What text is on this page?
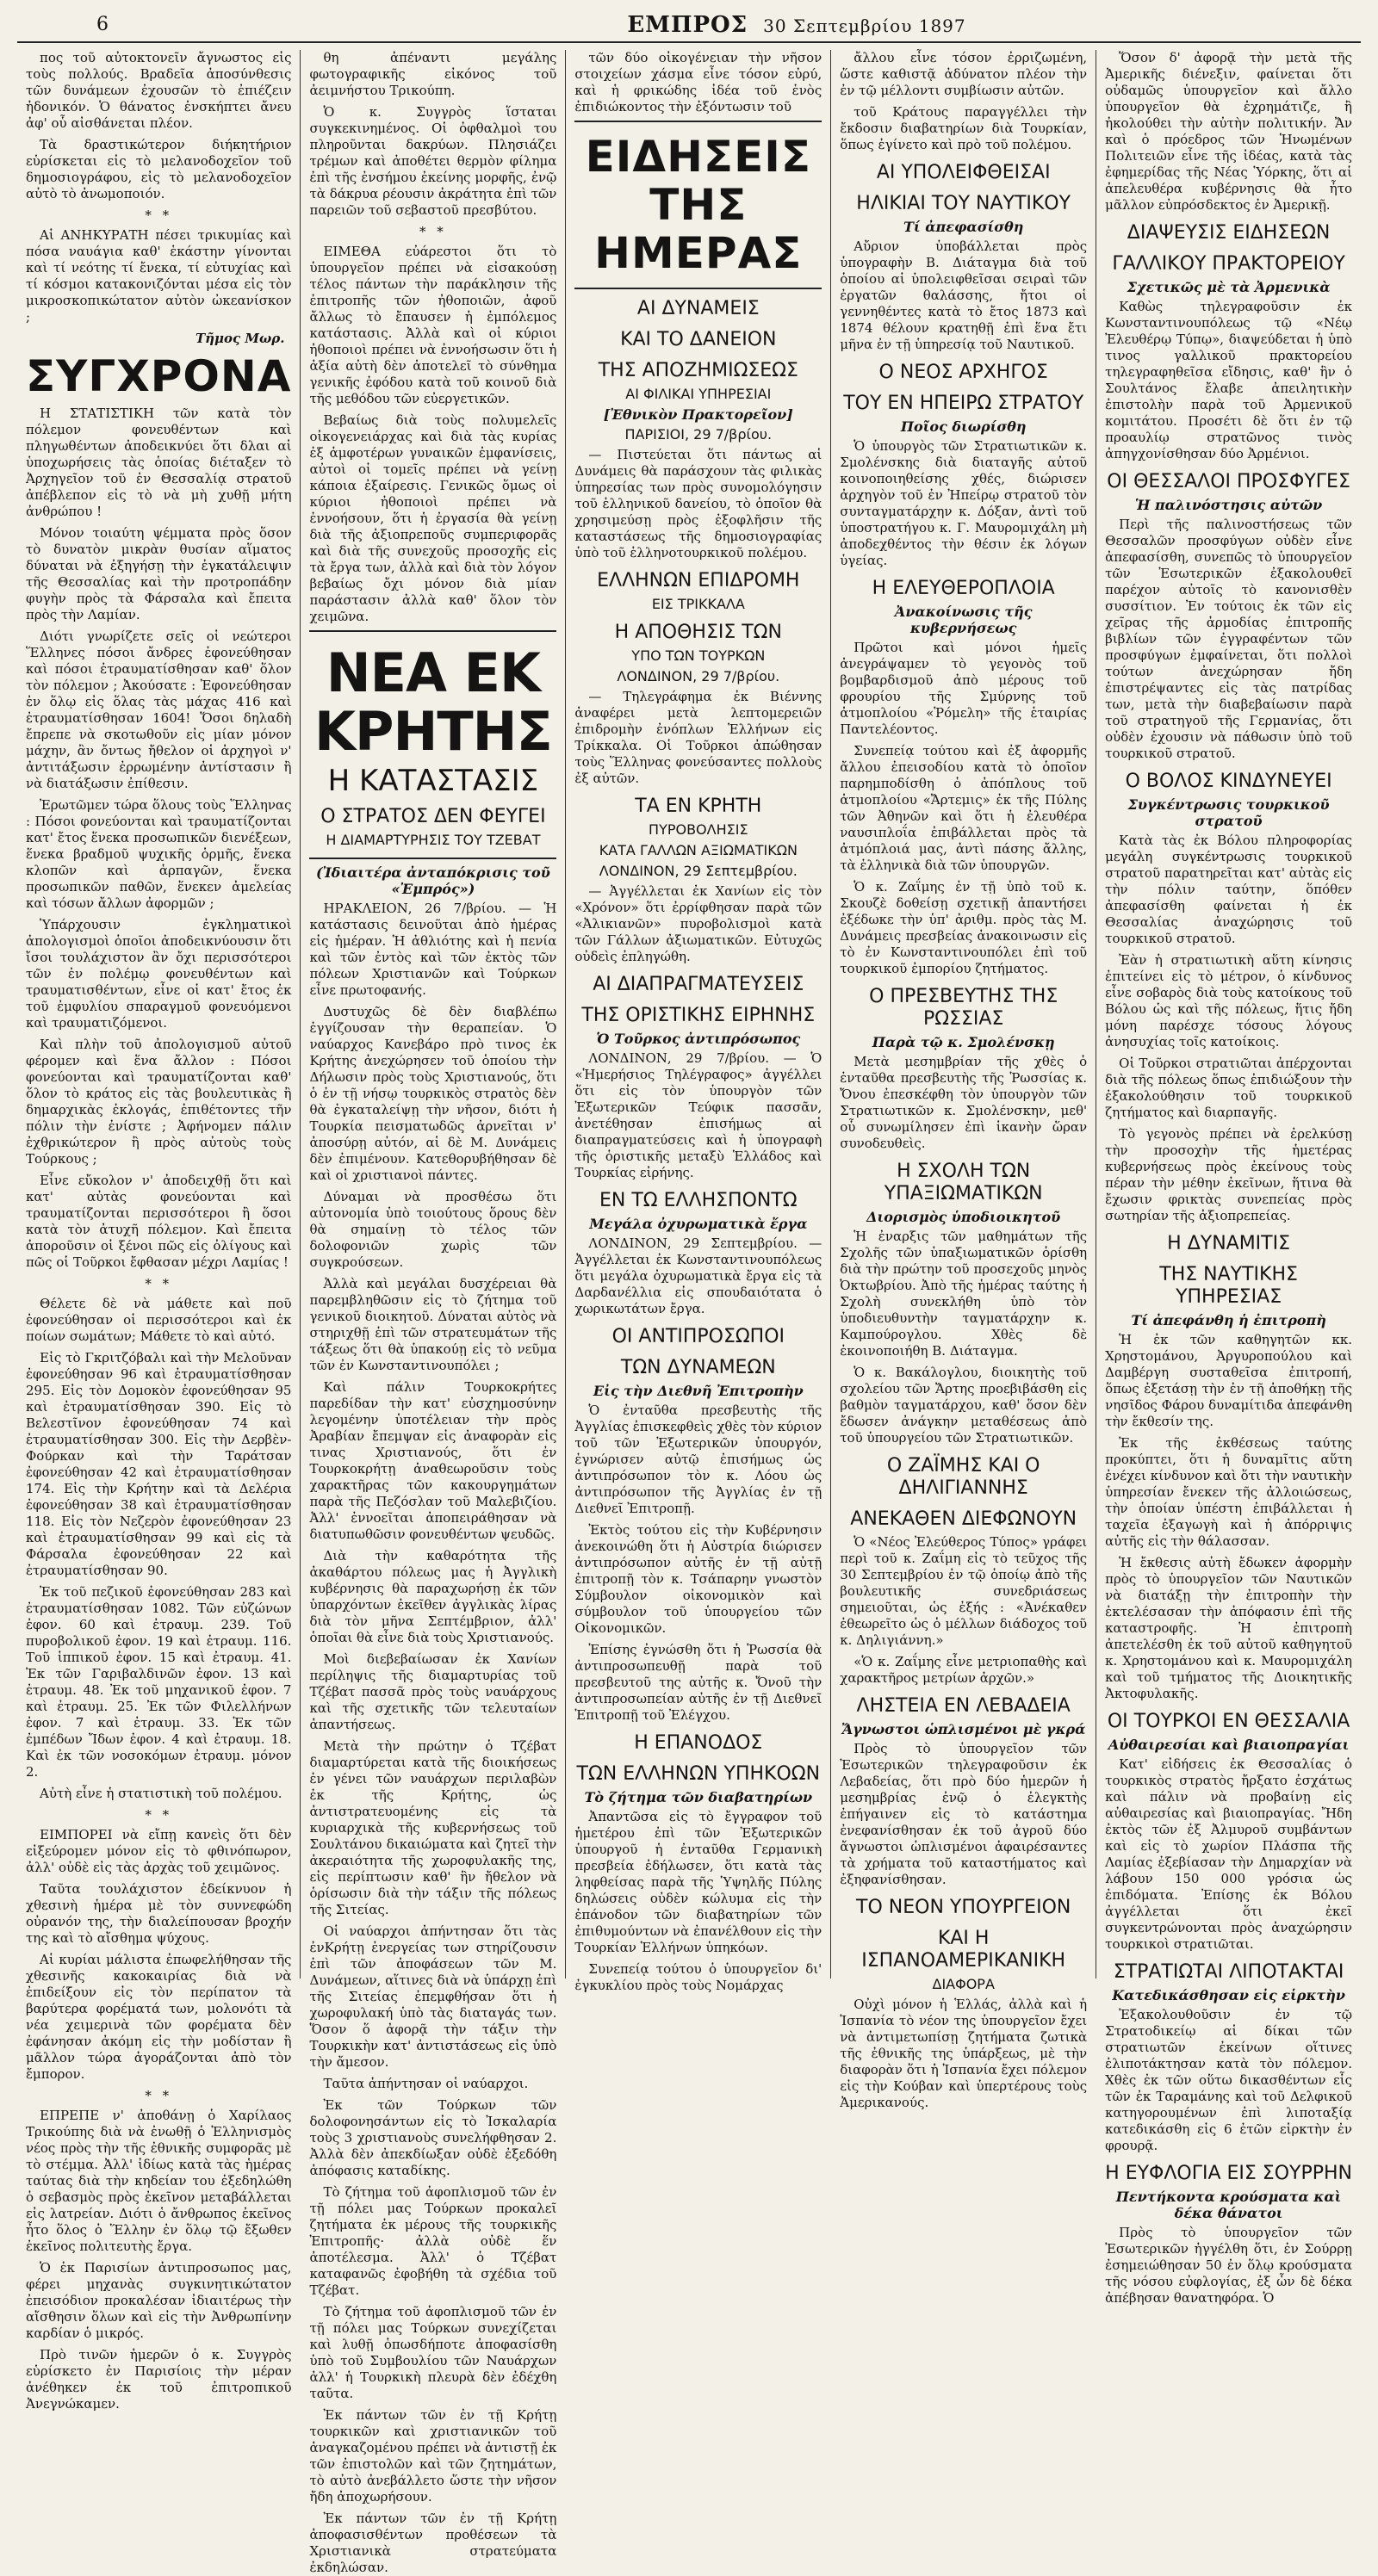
6	ΕΜΠΡΟΣ 30 Σεπτεμβρίου 1897

πος τοῦ αὐτοκτονεῖν ἄγνωστος εἰς τοὺς πολλούς. Βραδεῖα ἀποσύνθεσις τῶν δυνάμεων ἐχουσῶν τὸ ἐπιέζειν ἡδονικόν. Ὁ θάνατος ἐνσκήπτει ἄνευ ἀφ' οὗ αἰσθάνεται πλέον.

Τὰ δραστικώτερον διήκητήριον εὑρίσκεται εἰς τὸ μελανοδοχεῖον τοῦ δημοσιογράφου, εἰς τὸ μελανοδοχεῖον αὐτὸ τὸ ἀνωμοποιόν.

* *

Αἱ ΑΝΗΚΥΡΑΤΗ πέσει τρικυμίας καὶ πόσα ναυάγια καθ' ἑκάστην γίνονται καὶ τί νεότης τί ἔνεκα, τί εὐτυχίας καὶ τί κόσμοι κατακονιζόνται μέσα εἰς τὸν μικροσκοπικώτατον αὐτὸν ὠκεανίσκον ;

Τῆμος Μωρ.
ΣΥΓΧΡΟΝΑ

Η ΣΤΑΤΙΣΤΙΚΗ τῶν κατὰ τὸν πόλεμον φονευθέντων καὶ πληγωθέντων ἀποδεικνύει ὅτι δλαι αἱ ὑποχωρήσεις τὰς ὁποίας διέταξεν τὸ Ἀρχηγεῖον τοῦ ἐν Θεσσαλίᾳ στρατοῦ ἀπέβλεπον εἰς τὸ νὰ μὴ χυθῇ μήτη ἀνθρώπου !

Μόνον τοιαύτη ψέμματα πρὸς ὅσον τὸ δυνατὸν μικρὰν θυσίαν αἵματος δύναται νὰ ἐξηγήσῃ τὴν ἐγκατάλειψιν τῆς Θεσσαλίας καὶ τὴν προτροπάδην φυγὴν πρὸς τὰ Φάρσαλα καὶ ἔπειτα πρὸς τὴν Λαμίαν.

Διότι γνωρίζετε σεῖς οἱ νεώτεροι Ἕλληνες πόσοι ἄνδρες ἐφονεύθησαν καὶ πόσοι ἐτραυματίσθησαν καθ' ὅλον τὸν πόλεμον ; Ἀκούσατε : Ἐφονεύθησαν ἐν ὅλῳ εἰς ὅλας τὰς μάχας 416 καὶ ἐτραυματίσθησαν 1604! Ὅσοι δηλαδὴ ἔπρεπε νὰ σκοτωθοῦν εἰς μίαν μόνον μάχην, ἂν ὄντως ἤθελον οἱ ἀρχηγοὶ ν' ἀντιτάξωσιν ἐρρωμένην ἀντίστασιν ἢ νὰ διατάξωσιν ἐπίθεσιν.

Ἐρωτῶμεν τώρα ὅλους τοὺς Ἕλληνας : Πόσοι φονεύονται καὶ τραυματίζονται κατ' ἔτος ἕνεκα προσωπικῶν διενέξεων, ἕνεκα βραδμοῦ ψυχικῆς ὁρμῆς, ἕνεκα κλοπῶν καὶ ἁρπαγῶν, ἕνεκα προσωπικῶν παθῶν, ἕνεκεν ἀμελείας καὶ τόσων ἄλλων ἀφορμῶν ;

Ὑπάρχουσιν ἐγκληματικοὶ ἀπολογισμοὶ ὁποῖοι ἀποδεικνύουσιν ὅτι ἴσοι τουλάχιστον ἂν ὄχι περισσότεροι τῶν ἐν πολέμῳ φονευθέντων καὶ τραυματισθέντων, εἶνε οἱ κατ' ἔτος ἐκ τοῦ ἐμφυλίου σπαραγμοῦ φονευόμενοι καὶ τραυματιζόμενοι.

Καὶ πλὴν τοῦ ἀπολογισμοῦ αὐτοῦ φέρομεν καὶ ἕνα ἄλλον : Πόσοι φονεύονται καὶ τραυματίζονται καθ' ὅλον τὸ κράτος εἰς τὰς βουλευτικὰς ἢ δημαρχικὰς ἐκλογάς, ἐπιθέτοντες τῆν πόλιν τὴν ἐνίστε ; Ἀφήνομεν πάλιν ἐχθρικώτερον ἢ πρὸς αὐτοὺς τοὺς Τούρκους ;

Εἶνε εὔκολον ν' ἀποδειχθῇ ὅτι καὶ κατ' αὐτὰς φονεύονται καὶ τραυματίζονται περισσότεροι ἢ ὅσοι κατὰ τὸν ἀτυχῆ πόλεμον. Καὶ ἔπειτα ἀποροῦσιν οἱ ξένοι πῶς εἰς ὀλίγους καὶ πῶς οἱ Τοῦρκοι ἔφθασαν μέχρι Λαμίας !

* *

Θέλετε δὲ νὰ μάθετε καὶ ποῦ ἐφονεύθησαν οἱ περισσότεροι καὶ ἐκ ποίων σωμάτων; Μάθετε τὸ καὶ αὐτό.

Εἰς τὸ Γκριτζόβαλι καὶ τὴν Μελοῦναν ἐφονεύθησαν 96 καὶ ἐτραυματίσθησαν 295. Εἰς τὸν Δομοκὸν ἐφονεύθησαν 95 καὶ ἐτραυματίσθησαν 390. Εἰς τὸ Βελεστῖνον ἐφονεύθησαν 74 καὶ ἐτραυματίσθησαν 300. Εἰς τὴν Δερβὲν-Φούρκαν καὶ τὴν Ταράτσαν ἐφονεύθησαν 42 καὶ ἐτραυματίσθησαν 174. Εἰς τὴν Κρήτην καὶ τὰ Δελέρια ἐφονεύθησαν 38 καὶ ἐτραυματίσθησαν 118. Εἰς τὸν Νεζερὸν ἐφονεύθησαν 23 καὶ ἐτραυματίσθησαν 99 καὶ εἰς τὰ Φάρσαλα ἐφονεύθησαν 22 καὶ ἐτραυματίσθησαν 90.

Ἐκ τοῦ πεζικοῦ ἐφονεύθησαν 283 καὶ ἐτραυματίσθησαν 1082. Τῶν εὐζώνων ἐφον. 60 καὶ ἐτραυμ. 239. Τοῦ πυροβολικοῦ ἐφον. 19 καὶ ἐτραυμ. 116. Τοῦ ἱππικοῦ ἐφον. 15 καὶ ἐτραυμ. 41. Ἐκ τῶν Γαριβαλδινῶν ἐφον. 13 καὶ ἐτραυμ. 48. Ἐκ τοῦ μηχανικοῦ ἐφον. 7 καὶ ἐτραυμ. 25. Ἐκ τῶν Φιλελλήνων ἐφον. 7 καὶ ἐτραυμ. 33. Ἐκ τῶν ἐμπέδων Ἴδων ἐφον. 4 καὶ ἐτραυμ. 18. Καὶ ἐκ τῶν νοσοκόμων ἐτραυμ. μόνον 2.

Αὐτὴ εἶνε ἡ στατιστικὴ τοῦ πολέμου.

* *

ΕΙΜΠΟΡΕΙ νὰ εἴπῃ κανεὶς ὅτι δὲν εἰξεύρομεν μόνον εἰς τὸ φθινόπωρον, ἀλλ' οὐδὲ εἰς τὰς ἀρχὰς τοῦ χειμῶνος.

Ταῦτα τουλάχιστον ἐδείκνυον ἡ χθεσινὴ ἡμέρα μὲ τὸν συννεφώδη οὐρανόν της, τὴν διαλείπουσαν βροχήν της καὶ τὸ αἴσθημα ψύχους.

Αἱ κυρίαι μάλιστα ἐπωφελήθησαν τῆς χθεσινῆς κακοκαιρίας διὰ νὰ ἐπιδείξουν εἰς τὸν περίπατον τὰ βαρύτερα φορέματά των, μολονότι τὰ νέα χειμερινὰ τῶν φορέματα δὲν ἐφάνησαν ἀκόμη εἰς τὴν μοδίσταν ἢ μᾶλλον τώρα ἀγοράζονται ἀπὸ τὸν ἔμπορον.

* *

ΕΠΡΕΠΕ ν' ἀποθάνῃ ὁ Χαρίλαος Τρικούπης διὰ νὰ ἐνωθῇ ὁ Ἑλληνισμὸς νέος πρὸς τὴν τῆς ἐθνικῆς συμφορᾶς μὲ τὸ στέμμα. Ἀλλ' ἰδίως κατὰ τὰς ἡμέρας ταύτας διὰ τὴν κηδείαν του ἐξεδηλώθη ὁ σεβασμὸς πρὸς ἐκεῖνον μεταβάλλεται εἰς λατρείαν. Διότι ὁ ἄνθρωπος ἐκεῖνος ἦτο ὅλος ὁ Ἕλλην ἐν ὅλῳ τῷ ἔξωθεν ἐκεῖνος πολιτευτὴς ἔργα.

Ὁ ἐκ Παρισίων ἀντιπροσωπος μας, φέρει μηχανὰς συγκινητικώτατον ἐπεισόδιον προκαλέσαν ἰδιαιτέρως τὴν αἴσθησιν ὅλων καὶ εἰς τὴν Ἀνθρωπίνην καρδίαν ὁ μικρός.

Πρὸ τινῶν ἡμερῶν ὁ κ. Συγγρὸς εὑρίσκετο ἐν Παρισίοις τὴν μέραν ἀνέθηκεν ἐκ τοῦ ἐπιτροπικοῦ Ἀνεγνώκαμεν.

θη ἀπέναντι μεγάλης φωτογραφικῆς εἰκόνος τοῦ ἀειμνήστου Τρικούπη.

Ὁ κ. Συγγρὸς ἵσταται συγκεκινημένος. Οἱ ὀφθαλμοὶ του πληροῦνται δακρύων. Πλησιάζει τρέμων καὶ ἀποθέτει θερμὸν φίλημα ἐπὶ τῆς ἐνσήμου ἐκείνης μορφῆς, ἐνῷ τὰ δάκρυα ρέουσιν ἀκράτητα ἐπὶ τῶν παρειῶν τοῦ σεβαστοῦ πρεσβύτου.

* *

ΕΙΜΕΘΑ εὐάρεστοι ὅτι τὸ ὑπουργεῖον πρέπει νὰ εἰσακούσῃ τέλος πάντων τὴν παράκλησιν τῆς ἐπιτροπῆς τῶν ἠθοποιῶν, ἀφοῦ ἄλλως τὸ ἔπαυσεν ἡ ἐμπόλεμος κατάστασις. Ἀλλὰ καὶ οἱ κύριοι ἠθοποιοὶ πρέπει νὰ ἐννοήσωσιν ὅτι ἡ ἀξία αὐτὴ δὲν ἀποτελεῖ τὸ σύνθημα γενικῆς ἐφόδου κατὰ τοῦ κοινοῦ διὰ τῆς μεθόδου τῶν εὐεργετικῶν.

Βεβαίως διὰ τοὺς πολυμελεῖς οἰκογενειάρχας καὶ διὰ τὰς κυρίας ἐξ ἀμφοτέρων γυναικῶν ἐμφανίσεις, αὐτοὶ οἱ τομεῖς πρέπει νὰ γείνῃ κάποια ἐξαίρεσις. Γενικῶς ὅμως οἱ κύριοι ἠθοποιοὶ πρέπει νὰ ἐννοήσουν, ὅτι ἡ ἐργασία θὰ γείνῃ διὰ τῆς ἀξιοπρεποῦς συμπεριφορᾶς καὶ διὰ τῆς συνεχοῦς προσοχῆς εἰς τὰ ἔργα των, ἀλλὰ καὶ διὰ τὸν λόγον βεβαίως ὄχι μόνον διὰ μίαν παράστασιν ἀλλὰ καθ' ὅλον τὸν χειμῶνα.

ΝΕΑ ΕΚ ΚΡΗΤΗΣ
Η ΚΑΤΑΣΤΑΣΙΣ
Ο ΣΤΡΑΤΟΣ ΔΕΝ ΦΕΥΓΕΙ
Η ΔΙΑΜΑΡΤΥΡΗΣΙΣ ΤΟΥ ΤΖΕΒΑΤ
(Ἰδιαιτέρα ἀνταπόκρισις τοῦ «Ἐμπρός»)

ΗΡΑΚΛΕΙΟΝ, 26 7/βρίου. — Ἡ κατάστασις δεινοῦται ἀπὸ ἡμέρας εἰς ἡμέραν. Ἡ ἀθλιότης καὶ ἡ πενία καὶ τῶν ἐντὸς καὶ τῶν ἐκτὸς τῶν πόλεων Χριστιανῶν καὶ Τούρκων εἶνε πρωτοφανής.

Δυστυχῶς δὲ δὲν διαβλέπω ἐγγίζουσαν τὴν θεραπείαν. Ὁ ναύαρχος Κανεβάρο πρὸ τινος ἐκ Κρήτης ἀνεχώρησεν τοῦ ὁποίου τὴν Δήλωσιν πρὸς τοὺς Χριστιανούς, ὅτι ὁ ἐν τῇ νήσῳ τουρκικὸς στρατὸς δὲν θὰ ἐγκαταλείψῃ τὴν νῆσον, διότι ἡ Τουρκία πεισματωδῶς ἀρνεῖται ν' ἀποσύρῃ αὐτόν, αἱ δὲ Μ. Δυνάμεις δὲν ἐπιμένουν. Κατεθορυβήθησαν δὲ καὶ οἱ χριστιανοὶ πάντες.

Δύναμαι νὰ προσθέσω ὅτι αὐτονομία ὑπὸ τοιούτους ὅρους δὲν θὰ σημαίνῃ τὸ τέλος τῶν δολοφονιῶν χωρὶς τῶν συγκρούσεων.

Ἀλλὰ καὶ μεγάλαι δυσχέρειαι θὰ παρεμβληθῶσιν εἰς τὸ ζήτημα τοῦ γενικοῦ διοικητοῦ. Δύναται αὐτὸς νὰ στηριχθῇ ἐπὶ τῶν στρατευμάτων τῆς τάξεως ὅτι θὰ ὑπακούῃ εἰς τὸ νεῦμα τῶν ἐν Κωνσταντινουπόλει ;

Καὶ πάλιν Τουρκοκρήτες παρεδίδαν τὴν κατ' εὐσχημοσύνην λεγομένην ὑποτέλειαν τὴν πρὸς Ἀραβίαν ἔπεμψαν εἰς ἀναφορὰν εἰς τινας Χριστιανούς, ὅτι ἐν Τουρκοκρήτῃ ἀναθεωροῦσιν τοὺς χαρακτῆρας τῶν κακουργημάτων παρὰ τῆς Πεζόσλαν τοῦ Μαλεβιζίου. Ἀλλ' ἐννοεῖται ἀποπειράθησαν νὰ διατυπωθῶσιν φονευθέντων ψευδῶς.

Διὰ τὴν καθαρότητα τῆς ἀκαθάρτου πόλεως μας ἡ Ἀγγλικὴ κυβέρνησις θὰ παραχωρήσῃ ἐκ τῶν ὑπαρχόντων ἐκεῖθεν ἀγγλικὰς λίρας διὰ τὸν μῆνα Σεπτέμβριον, ἀλλ' ὁποῖαι θὰ εἶνε διὰ τοὺς Χριστιανούς.

Μοὶ διεβεβαίωσαν ἐκ Χανίων περίληψις τῆς διαμαρτυρίας τοῦ Τζέβατ πασσᾶ πρὸς τοὺς ναυάρχους καὶ τῆς σχετικῆς τῶν τελευταίων ἀπαντήσεως.

Μετὰ τὴν πρώτην ὁ Τζέβατ διαμαρτύρεται κατὰ τῆς διοικήσεως ἐν γένει τῶν ναυάρχων περιλαβὼν ἐκ τῆς Κρήτης, ὡς ἀντιστρατευομένης εἰς τὰ κυριαρχικὰ τῆς κυβερνήσεως τοῦ Σουλτάνου δικαιώματα καὶ ζητεῖ τὴν ἀκεραιότητα τῆς χωροφυλακῆς της, εἰς περίπτωσιν καθ' ἣν ἤθελον νὰ ὁρίσωσιν διὰ τὴν τάξιν τῆς πόλεως τῆς Σιτείας.

Οἱ ναύαρχοι ἀπήντησαν ὅτι τὰς ἐνΚρήτῃ ἐνεργείας των στηρίζουσιν ἐπὶ τῶν ἀποφάσεων τῶν Μ. Δυνάμεων, αἵτινες διὰ νὰ ὑπάρχῃ ἐπὶ τῆς Σιτείας ἐπεμφθήσαν ὅτι ἡ χωροφυλακή ὑπὸ τὰς διαταγάς των. Ὅσον ὅ ἀφορᾷ τὴν τάξιν τὴν Τουρκικὴν κατ' ἀντιστάσεως εἰς ὑπὸ τὴν ἄμεσον.

Ταῦτα ἀπήντησαν οἱ ναύαρχοι.

Ἐκ τῶν Τούρκων τῶν δολοφονησάντων εἰς τὸ Ἰσκαλαρία τοὺς 3 χριστιανοὺς συνελήφθησαν 2. Ἀλλὰ δὲν ἀπεκδίωξαν οὐδὲ ἐξεδόθη ἀπόφασις καταδίκης.

Τὸ ζήτημα τοῦ ἀφοπλισμοῦ τῶν ἐν τῇ πόλει μας Τούρκων προκαλεῖ ζητήματα ἐκ μέρους τῆς τουρκικῆς Ἐπιτροπῆς· ἀλλὰ οὐδὲ ἕν ἀποτέλεσμα. Ἀλλ' ὁ Τζέβατ καταφανῶς ἐφοβήθη τὰ σχέδια τοῦ Τζέβατ.

Τὸ ζήτημα τοῦ ἀφοπλισμοῦ τῶν ἐν τῇ πόλει μας Τούρκων συνεχίζεται καὶ λυθῇ ὁπωσδήποτε ἀποφασίσθη ὑπὸ τοῦ Συμβουλίου τῶν Ναυάρχων ἀλλ' ἡ Τουρκικὴ πλευρὰ δὲν ἐδέχθη ταῦτα.

Ἐκ πάντων τῶν ἐν τῇ Κρήτῃ τουρκικῶν καὶ χριστιανικῶν τοῦ ἀναγκαζομένου πρέπει νὰ ἀντιστῇ ἐκ τῶν ἐπιστολῶν καὶ τῶν ζητημάτων, τὸ αὐτὸ ἀνεβάλλετο ὥστε τὴν νῆσον ἤδη ἀποχωρήσουν.

Ἐκ πάντων τῶν ἐν τῇ Κρήτῃ ἀποφασισθέντων προθέσεων τὰ Χριστιανικὰ στρατεύματα ἐκδηλώσαν.

τῶν δύο οἰκογένειαν τὴν νῆσον στοιχείων χάσμα εἶνε τόσον εὐρύ, καὶ ἡ φρικώδης ἰδέα τοῦ ἑνὸς ἐπιδιώκοντος τὴν ἐξόντωσιν τοῦ

ΕΙΔΗΣΕΙΣ ΤΗΣ ΗΜΕΡΑΣ
ΑΙ ΔΥΝΑΜΕΙΣ
ΚΑΙ ΤΟ ΔΑΝΕΙΟΝ
ΤΗΣ ΑΠΟΖΗΜΙΩΣΕΩΣ
ΑΙ ΦΙΛΙΚΑΙ ΥΠΗΡΕΣΙΑΙ
[Ἐθνικὸν Πρακτορεῖον]
ΠΑΡΙΣΙΟΙ, 29 7/βρίου.

— Πιστεύεται ὅτι πάντως αἱ Δυνάμεις θὰ παράσχουν τὰς φιλικὰς ὑπηρεσίας των πρὸς συνομολόγησιν τοῦ ἑλληνικοῦ δανείου, τὸ ὁποῖον θὰ χρησιμεύσῃ πρὸς ἐξοφλῆσιν τῆς καταστάσεως τῆς δημοσιογραφίας ὑπὸ τοῦ ἑλληνοτουρκικοῦ πολέμου.

ΕΛΛΗΝΩΝ ΕΠΙΔΡΟΜΗ
ΕΙΣ ΤΡΙΚΚΑΛΑ
Η ΑΠΟΘΗΣΙΣ ΤΩΝ
ΥΠΟ ΤΩΝ ΤΟΥΡΚΩΝ
ΛΟΝΔΙΝΟΝ, 29 7/βρίου.

— Τηλεγράφημα ἐκ Βιέννης ἀναφέρει μετὰ λεπτομερειῶν ἐπιδρομὴν ἐνόπλων Ἑλλήνων εἰς Τρίκκαλα. Οἱ Τοῦρκοι ἀπώθησαν τοὺς Ἕλληνας φονεύσαντες πολλοὺς ἐξ αὐτῶν.

ΤΑ ΕΝ ΚΡΗΤΗ
ΠΥΡΟΒΟΛΗΣΙΣ
ΚΑΤΑ ΓΑΛΛΩΝ ΑΞΙΩΜΑΤΙΚΩΝ
ΛΟΝΔΙΝΟΝ, 29 Σεπτεμβρίου.

— Ἀγγέλλεται ἐκ Χανίων εἰς τὸν «Χρόνον» ὅτι ἐρρίφθησαν παρὰ τῶν «Ἀλικιανῶν» πυροβολισμοὶ κατὰ τῶν Γάλλων ἀξιωματικῶν. Εὐτυχῶς οὐδεὶς ἐπληγώθη.

ΑΙ ΔΙΑΠΡΑΓΜΑΤΕΥΣΕΙΣ
ΤΗΣ ΟΡΙΣΤΙΚΗΣ ΕΙΡΗΝΗΣ
Ὁ Τοῦρκος ἀντιπρόσωπος

ΛΟΝΔΙΝΟΝ, 29 7/βρίου. — Ὁ «Ἡμερήσιος Τηλέγραφος» ἀγγέλλει ὅτι εἰς τὸν ὑπουργὸν τῶν Ἐξωτερικῶν Τεύφικ πασσᾶν, ἀνετέθησαν ἐπισήμως αἱ διαπραγματεύσεις καὶ ἡ ὑπογραφὴ τῆς ὁριστικῆς μεταξὺ Ἑλλάδος καὶ Τουρκίας εἰρήνης.

ΕΝ ΤΩ ΕΛΛΗΣΠΟΝΤΩ
Μεγάλα ὀχυρωματικὰ ἔργα

ΛΟΝΔΙΝΟΝ, 29 Σεπτεμβρίου. — Ἀγγέλλεται ἐκ Κωνσταντινουπόλεως ὅτι μεγάλα ὀχυρωματικὰ ἔργα εἰς τὰ Δαρδανέλλια εἰς σπουδαιότατα ὁ χωρικωτάτων ἔργα.

ΟΙ ΑΝΤΙΠΡΟΣΩΠΟΙ
ΤΩΝ ΔΥΝΑΜΕΩΝ
Εἰς τὴν Διεθνῆ Ἐπιτροπὴν

Ὁ ἐνταῦθα πρεσβευτὴς τῆς Ἀγγλίας ἐπισκεφθεὶς χθὲς τὸν κύριον τοῦ τῶν Ἐξωτερικῶν ὑπουργόν, ἐγνώρισεν αὐτῷ ἐπισήμως ὡς ἀντιπρόσωπον τὸν κ. Λόου ὡς ἀντιπρόσωπον τῆς Ἀγγλίας ἐν τῇ Διεθνεῖ Ἐπιτροπῇ.

Ἐκτὸς τούτου εἰς τὴν Κυβέρνησιν ἀνεκοινώθη ὅτι ἡ Αὐστρία διώρισεν ἀντιπρόσωπον αὐτῆς ἐν τῇ αὐτῇ ἐπιτροπῇ τὸν κ. Τσάπαρην γνωστὸν Σύμβουλον οἰκονομικὸν καὶ σύμβουλον τοῦ ὑπουργείου τῶν Οἰκονομικῶν.

Ἐπίσης ἐγνώσθη ὅτι ἡ Ῥωσσία θὰ ἀντιπροσωπευθῇ παρὰ τοῦ πρεσβευτοῦ της αὐτῆς κ. Ὄνοῦ τὴν ἀντιπροσωπείαν αὐτῆς ἐν τῇ Διεθνεῖ Ἐπιτροπῇ τοῦ Ἐλέγχου.

Η ΕΠΑΝΟΔΟΣ
ΤΩΝ ΕΛΛΗΝΩΝ ΥΠΗΚΟΩΝ
Τὸ ζήτημα τῶν διαβατηρίων

Ἀπαντῶσα εἰς τὸ ἔγγραφον τοῦ ἡμετέρου ἐπὶ τῶν Ἐξωτερικῶν ὑπουργοῦ ἡ ἐνταῦθα Γερμανικὴ πρεσβεία ἐδήλωσεν, ὅτι κατὰ τὰς ληφθείσας παρὰ τῆς Ὑψηλῆς Πύλης δηλώσεις οὐδὲν κώλυμα εἰς τὴν ἐπάνοδον τῶν διαβατηρίων τῶν ἐπιθυμούντων νὰ ἐπανέλθουν εἰς τὴν Τουρκίαν Ἑλλήνων ὑπηκόων.

Συνεπείᾳ τούτου ὁ ὑπουργεῖον δι' ἐγκυκλίου πρὸς τοὺς Νομάρχας

ἄλλου εἶνε τόσον ἐρριζωμένη, ὥστε καθιστᾷ ἀδύνατον πλέον τὴν ἐν τῷ μέλλοντι συμβίωσιν αὐτῶν.

τοῦ Κράτους παραγγέλλει τὴν ἔκδοσιν διαβατηρίων διὰ Τουρκίαν, ὅπως ἐγίνετο καὶ πρὸ τοῦ πολέμου.

ΑΙ ΥΠΟΛΕΙΦΘΕΙΣΑΙ
ΗΛΙΚΙΑΙ ΤΟΥ ΝΑΥΤΙΚΟΥ
Τί ἀπεφασίσθη

Αὔριον ὑποβάλλεται πρὸς ὑπογραφὴν Β. Διάταγμα διὰ τοῦ ὁποίου αἱ ὑπολειφθεῖσαι σειραὶ τῶν ἐργατῶν θαλάσσης, ἤτοι οἱ γεννηθέντες κατὰ τὸ ἔτος 1873 καὶ 1874 θέλουν κρατηθῇ ἐπὶ ἕνα ἔτι μῆνα ἐν τῇ ὑπηρεσίᾳ τοῦ Ναυτικοῦ.

Ο ΝΕΟΣ ΑΡΧΗΓΟΣ
ΤΟΥ ΕΝ ΗΠΕΙΡΩ ΣΤΡΑΤΟΥ
Ποῖος διωρίσθη

Ὁ ὑπουργὸς τῶν Στρατιωτικῶν κ. Σμολένσκης διὰ διαταγῆς αὐτοῦ κοινοποιηθείσης χθές, διώρισεν ἀρχηγὸν τοῦ ἐν Ἠπείρῳ στρατοῦ τὸν συνταγματάρχην κ. Δόξαν, ἀντὶ τοῦ ὑποστρατήγου κ. Γ. Μαυρομιχάλη μὴ ἀποδεχθέντος τὴν θέσιν ἐκ λόγων ὑγείας.

Η ΕΛΕΥΘΕΡΟΠΛΟΙΑ
Ἀνακοίνωσις τῆς κυβερνήσεως

Πρῶτοι καὶ μόνοι ἡμεῖς ἀνεγράψαμεν τὸ γεγονὸς τοῦ βομβαρδισμοῦ ἀπὸ μέρους τοῦ φρουρίου τῆς Σμύρνης τοῦ ἀτμοπλοίου «Ῥόμελη» τῆς ἑταιρίας Παντελέοντος.

Συνεπείᾳ τούτου καὶ ἐξ ἀφορμῆς ἄλλου ἐπεισοδίου κατὰ τὸ ὁποῖον παρημποδίσθη ὁ ἀπόπλους τοῦ ἀτμοπλοίου «Ἄρτεμις» ἐκ τῆς Πύλης τῶν Ἀθηνῶν καὶ ὅτι ἡ ἐλευθέρα ναυσιπλοΐα ἐπιβάλλεται πρὸς τὰ ἀτμόπλοιά μας, ἀντὶ πάσης ἄλλης, τὰ ἑλληνικὰ διὰ τῶν ὑπουργῶν.

Ὁ κ. Ζαΐμης ἐν τῇ ὑπὸ τοῦ κ. Σκουζὲ δοθείσῃ σχετικῇ ἀπαντήσει ἐξέδωκε τὴν ὑπ' ἀριθμ. πρὸς τὰς Μ. Δυνάμεις πρεσβείας ἀνακοινωσιν εἰς τὸ ἐν Κωνσταντινουπόλει ἐπὶ τοῦ τουρκικοῦ ἐμπορίου ζητήματος.

Ο ΠΡΕΣΒΕΥΤΗΣ ΤΗΣ ΡΩΣΣΙΑΣ
Παρὰ τῷ κ. Σμολένσκῃ

Μετὰ μεσημβρίαν τῆς χθὲς ὁ ἐνταῦθα πρεσβευτὴς τῆς Ῥωσσίας κ. Ὄνου ἐπεσκέφθη τὸν ὑπουργὸν τῶν Στρατιωτικῶν κ. Σμολένσκην, μεθ' οὗ συνωμίλησεν ἐπὶ ἱκανὴν ὥραν συνοδευθεὶς.

Η ΣΧΟΛΗ ΤΩΝ ΥΠΑΞΙΩΜΑΤΙΚΩΝ
Διορισμὸς ὑποδιοικητοῦ

Ἡ ἐναρξις τῶν μαθημάτων τῆς Σχολῆς τῶν ὑπαξιωματικῶν ὁρίσθη διὰ τὴν πρώτην τοῦ προσεχοῦς μηνὸς Ὀκτωβρίου. Ἀπὸ τῆς ἡμέρας ταύτης ἡ Σχολὴ συνεκλήθη ὑπὸ τὸν ὑποδιευθυντὴν ταγματάρχην κ. Καμπούρογλου. Χθὲς δὲ ἐκοινοποιήθη Β. Διάταγμα.

Ὁ κ. Βακάλογλου, διοικητὴς τοῦ σχολείου τῶν Ἄρτης προεβιβάσθη εἰς βαθμὸν ταγματάρχου, καθ' ὅσον δὲν ἔδωσεν ἀνάγκην μεταθέσεως ἀπὸ τοῦ ὑπουργείου τῶν Στρατιωτικῶν.

Ο ΖΑΪΜΗΣ ΚΑΙ Ο ΔΗΛΙΓΙΑΝΝΗΣ
ΑΝΕΚΑΘΕΝ ΔΙΕΦΩΝΟΥΝ

Ὁ «Νέος Ἐλεύθερος Τύπος» γράφει περὶ τοῦ κ. Ζαΐμη εἰς τὸ τεῦχος τῆς 30 Σεπτεμβρίου ἐν τῷ ὁποίῳ ἀπὸ τῆς βουλευτικῆς συνεδριάσεως σημειοῦται, ὡς ἐξής : «Ἀνέκαθεν ἐθεωρεῖτο ὡς ὁ μέλλων διάδοχος τοῦ κ. Δηλιγιάννη.»

«Ὁ κ. Ζαΐμης εἶνε μετριοπαθὴς καὶ χαρακτῆρος μετρίων ἀρχῶν.»

ΛΗΣΤΕΙΑ ΕΝ ΛΕΒΑΔΕΙΑ
Ἄγνωστοι ὡπλισμένοι μὲ γκρά

Πρὸς τὸ ὑπουργεῖον τῶν Ἐσωτερικῶν τηλεγραφοῦσιν ἐκ Λεβαδείας, ὅτι πρὸ δύο ἡμερῶν ἡ μεσημβρίας ἐνῷ ὁ ἐλεγκτὴς ἐπήγαινεν εἰς τὸ κατάστημα ἐνεφανίσθησαν ἐκ τοῦ ἀγροῦ δύο ἄγνωστοι ὡπλισμένοι ἀφαιρέσαντες τὰ χρήματα τοῦ καταστήματος καὶ ἐξηφανίσθησαν.

ΤΟ ΝΕΟΝ ΥΠΟΥΡΓΕΙΟΝ
ΚΑΙ Η ΙΣΠΑΝΟΑΜΕΡΙΚΑΝΙΚΗ
ΔΙΑΦΟΡΑ

Οὐχὶ μόνον ἡ Ἑλλάς, ἀλλὰ καὶ ἡ Ἰσπανία τὸ νέον της ὑπουργεῖον ἔχει νὰ ἀντιμετωπίσῃ ζητήματα ζωτικὰ τῆς ἐθνικῆς της ὑπάρξεως, μὲ τὴν διαφορὰν ὅτι ἡ Ἰσπανία ἔχει πόλεμον εἰς τὴν Κούβαν καὶ ὑπερτέρους τοὺς Ἀμερικανούς.

Ὅσον δ' ἀφορᾷ τὴν μετὰ τῆς Ἀμερικῆς διένεξιν, φαίνεται ὅτι οὐδαμῶς ὑπουργεῖον καὶ ἄλλο ὑπουργεῖον θὰ ἐχρημάτιζε, ἢ ἠκολούθει τὴν αὐτὴν πολιτικήν. Ἄν καὶ ὁ πρόεδρος τῶν Ἡνωμένων Πολιτειῶν εἶνε τῆς ἰδέας, κατὰ τὰς ἐφημερίδας τῆς Νέας Ὑόρκης, ὅτι αἱ ἀπελευθέρα κυβέρνησις θὰ ἦτο μᾶλλον εὐπρόσδεκτος ἐν Ἀμερικῇ.

ΔΙΑΨΕΥΣΙΣ ΕΙΔΗΣΕΩΝ
ΓΑΛΛΙΚΟΥ ΠΡΑΚΤΟΡΕΙΟΥ
Σχετικῶς μὲ τὰ Ἀρμενικὰ

Καθὼς τηλεγραφοῦσιν ἐκ Κωνσταντινουπόλεως τῷ «Νέῳ Ἐλευθέρῳ Τύπῳ», διαψεύδεται ἡ ὑπὸ τινος γαλλικοῦ πρακτορείου τηλεγραφηθεῖσα εἴδησις, καθ' ἣν ὁ Σουλτάνος ἔλαβε ἀπειλητικὴν ἐπιστολὴν παρὰ τοῦ Ἀρμενικοῦ κομιτάτου. Προσέτι δὲ ὅτι ἐν τῷ προαυλίῳ στρατῶνος τινὸς ἀπηγχονίσθησαν δύο Ἀρμένιοι.

ΟΙ ΘΕΣΣΑΛΟΙ ΠΡΟΣΦΥΓΕΣ
Ἡ παλινόστησις αὐτῶν

Περὶ τῆς παλινοστήσεως τῶν Θεσσαλῶν προσφύγων οὐδὲν εἶνε ἀπεφασίσθη, συνεπῶς τὸ ὑπουργεῖον τῶν Ἐσωτερικῶν ἐξακολουθεῖ παρέχον αὐτοῖς τὸ κανονισθὲν συσσίτιον. Ἐν τούτοις ἐκ τῶν εἰς χεῖρας τῆς ἀρμοδίας ἐπιτροπῆς βιβλίων τῶν ἐγγραφέντων τῶν προσφύγων ἐμφαίνεται, ὅτι πολλοὶ τούτων ἀνεχώρησαν ἤδη ἐπιστρέψαντες εἰς τὰς πατρίδας των, μετὰ τὴν διαβεβαίωσιν παρὰ τοῦ στρατηγοῦ τῆς Γερμανίας, ὅτι οὐδὲν ἐχουσιν νὰ πάθωσιν ὑπὸ τοῦ τουρκικοῦ στρατοῦ.

Ο ΒΟΛΟΣ ΚΙΝΔΥΝΕΥΕΙ
Συγκέντρωσις τουρκικοῦ στρατοῦ

Κατὰ τὰς ἐκ Βόλου πληροφορίας μεγάλη συγκέντρωσις τουρκικοῦ στρατοῦ παρατηρεῖται κατ' αὐτὰς εἰς τὴν πόλιν ταύτην, ὅπόθεν ἀπεφασίσθη φαίνεται ἡ ἐκ Θεσσαλίας ἀναχώρησις τοῦ τουρκικοῦ στρατοῦ.

Ἐὰν ἡ στρατιωτικὴ αὕτη κίνησις ἐπιτείνει εἰς τὸ μέτρον, ὁ κίνδυνος εἶνε σοβαρὸς διὰ τοὺς κατοίκους τοῦ Βόλου ὡς καὶ τῆς πόλεως, ἥτις ἤδη μόνη παρέσχε τόσους λόγους ἀνησυχίας τοῖς κατοίκοις.

Οἱ Τοῦρκοι στρατιῶται ἀπέρχονται διὰ τῆς πόλεως ὅπως ἐπιδιώξουν τὴν ἐξακολούθησιν τοῦ τουρκικοῦ ζητήματος καὶ διαρπαγῆς.

Τὸ γεγονὸς πρέπει νὰ ἐρελκύσῃ τὴν προσοχὴν τῆς ἡμετέρας κυβερνήσεως πρὸς ἐκείνους τοὺς πέραν τὴν μέθην ἐκεῖνων, ἥτινα θὰ ἔχωσιν φρικτὰς συνεπείας πρὸς σωτηρίαν τῆς ἀξιοπρεπείας.

Η ΔΥΝΑΜΙΤΙΣ
ΤΗΣ ΝΑΥΤΙΚΗΣ ΥΠΗΡΕΣΙΑΣ
Τί ἀπεφάνθη ἡ ἐπιτροπὴ

Ἡ ἐκ τῶν καθηγητῶν κκ. Χρηστομάνου, Ἀργυροπούλου καὶ Δαμβέργη συσταθεῖσα ἐπιτροπή, ὅπως ἐξετάσῃ τὴν ἐν τῇ ἀποθήκῃ τῆς νησῖδος Φάρου δυναμίτιδα ἀπεφάνθη τὴν ἔκθεσίν της.

Ἐκ τῆς ἐκθέσεως ταύτης προκύπτει, ὅτι ἡ δυναμῖτις αὕτη ἐνέχει κίνδυνον καὶ ὅτι τὴν ναυτικὴν ὑπηρεσίαν ἔνεκεν τῆς ἀλλοιώσεως, τὴν ὁποίαν ὑπέστη ἐπιβάλλεται ἡ ταχεῖα ἐξαγωγὴ καὶ ἡ ἀπόρριψις αὐτῆς εἰς τὴν θάλασσαν.

Ἡ ἔκθεσις αὐτὴ ἔδωκεν ἀφορμὴν πρὸς τὸ ὑπουργεῖον τῶν Ναυτικῶν νὰ διατάξῃ τὴν ἐπιτροπὴν τὴν ἐκτελέσασαν τὴν ἀπόφασιν ἐπὶ τῆς καταστροφῆς. Ἡ ἐπιτροπὴ ἀπετελέσθη ἐκ τοῦ αὐτοῦ καθηγητοῦ κ. Χρηστομάνου καὶ κ. Μαυρομιχάλη καὶ τοῦ τμήματος τῆς Διοικητικῆς Ἀκτοφυλακῆς.

ΟΙ ΤΟΥΡΚΟΙ ΕΝ ΘΕΣΣΑΛΙΑ
Αὐθαιρεσίαι καὶ βιαιοπραγίαι

Κατ' εἰδήσεις ἐκ Θεσσαλίας ὁ τουρκικὸς στρατὸς ἤρξατο ἐσχάτως καὶ πάλιν νὰ προβαίνῃ εἰς αὐθαιρεσίας καὶ βιαιοπραγίας. Ἤδη ἐκτὸς τῶν ἐξ Ἀλμυροῦ συμβάντων καὶ εἰς τὸ χωρίον Πλάσπα τῆς Λαμίας ἐξεβίασαν τὴν Δημαρχίαν νὰ λάβουν 150 000 γρόσια ὡς ἐπιδόματα. Ἐπίσης ἐκ Βόλου ἀγγέλλεται ὅτι ἐκεῖ συγκεντρώνονται πρὸς ἀναχώρησιν τουρκικοὶ στρατιῶται.

ΣΤΡΑΤΙΩΤΑΙ ΛΙΠΟΤΑΚΤΑΙ
Κατεδικάσθησαν εἰς εἱρκτὴν

Ἐξακολουθοῦσιν ἐν τῷ Στρατοδικείῳ αἱ δίκαι τῶν στρατιωτῶν ἐκείνων οἵτινες ἐλιποτάκτησαν κατὰ τὸν πόλεμον. Χθὲς ἐκ τῶν οὕτω δικασθέντων εἷς τῶν ἐκ Ταραμάνης καὶ τοῦ Δελφικοῦ κατηγορουμένων ἐπὶ λιποταξίᾳ κατεδικάσθη εἰς 6 ἐτῶν εἱρκτὴν ἐν φρουρᾷ.

Η ΕΥΦΛΟΓΙΑ ΕΙΣ ΣΟΥΡΡΗΝ
Πεντήκοντα κρούσματα καὶ δέκα θάνατοι

Πρὸς τὸ ὑπουργεῖον τῶν Ἐσωτερικῶν ἠγγέλθη ὅτι, ἐν Σούρρῃ ἐσημειώθησαν 50 ἐν ὅλῳ κρούσματα τῆς νόσου εὐφλογίας, ἐξ ὧν δὲ δέκα ἀπέβησαν θανατηφόρα. Ὁ
